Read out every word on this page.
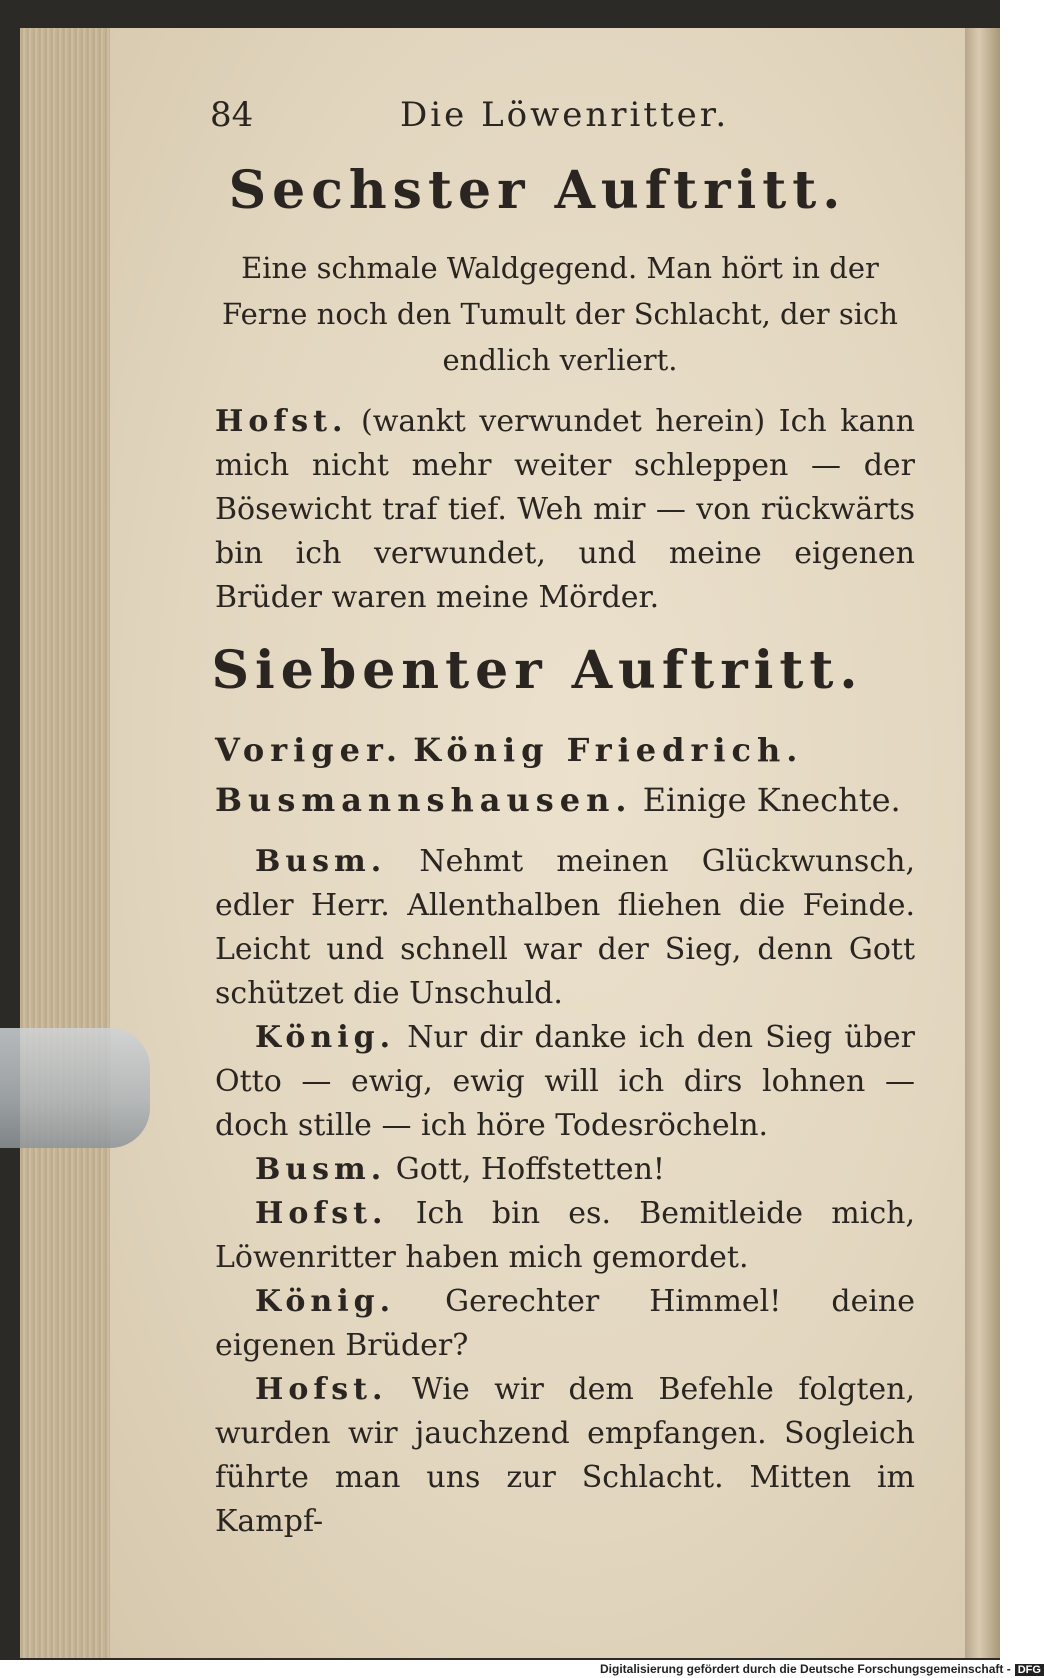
84	Die Löwenritter.
Sechster Auftritt.
Eine schmale Waldgegend. Man hört in der Ferne noch den Tumult der Schlacht, der sich endlich verliert.
Hofst. (wankt verwundet herein) Ich kann mich nicht mehr weiter schleppen — der Bösewicht traf tief. Weh mir — von rückwärts bin ich verwundet, und meine eigenen Brüder waren meine Mörder.
Siebenter Auftritt.
Voriger. König Friedrich. Busmannshausen. Einige Knechte.

Busm. Nehmt meinen Glückwunsch, edler Herr. Allenthalben fliehen die Feinde. Leicht und schnell war der Sieg, denn Gott schützet die Unschuld.

König. Nur dir danke ich den Sieg über Otto — ewig, ewig will ich dirs lohnen — doch stille — ich höre Todesröcheln.

Busm. Gott, Hoffstetten!

Hofst. Ich bin es. Bemitleide mich, Löwenritter haben mich gemordet.

König. Gerechter Himmel! deine eigenen Brüder?

Hofst. Wie wir dem Befehle folgten, wurden wir jauchzend empfangen. Sogleich führte man uns zur Schlacht. Mitten im Kampf-

Digitalisierung gefördert durch die Deutsche Forschungsgemeinschaft - DFG
